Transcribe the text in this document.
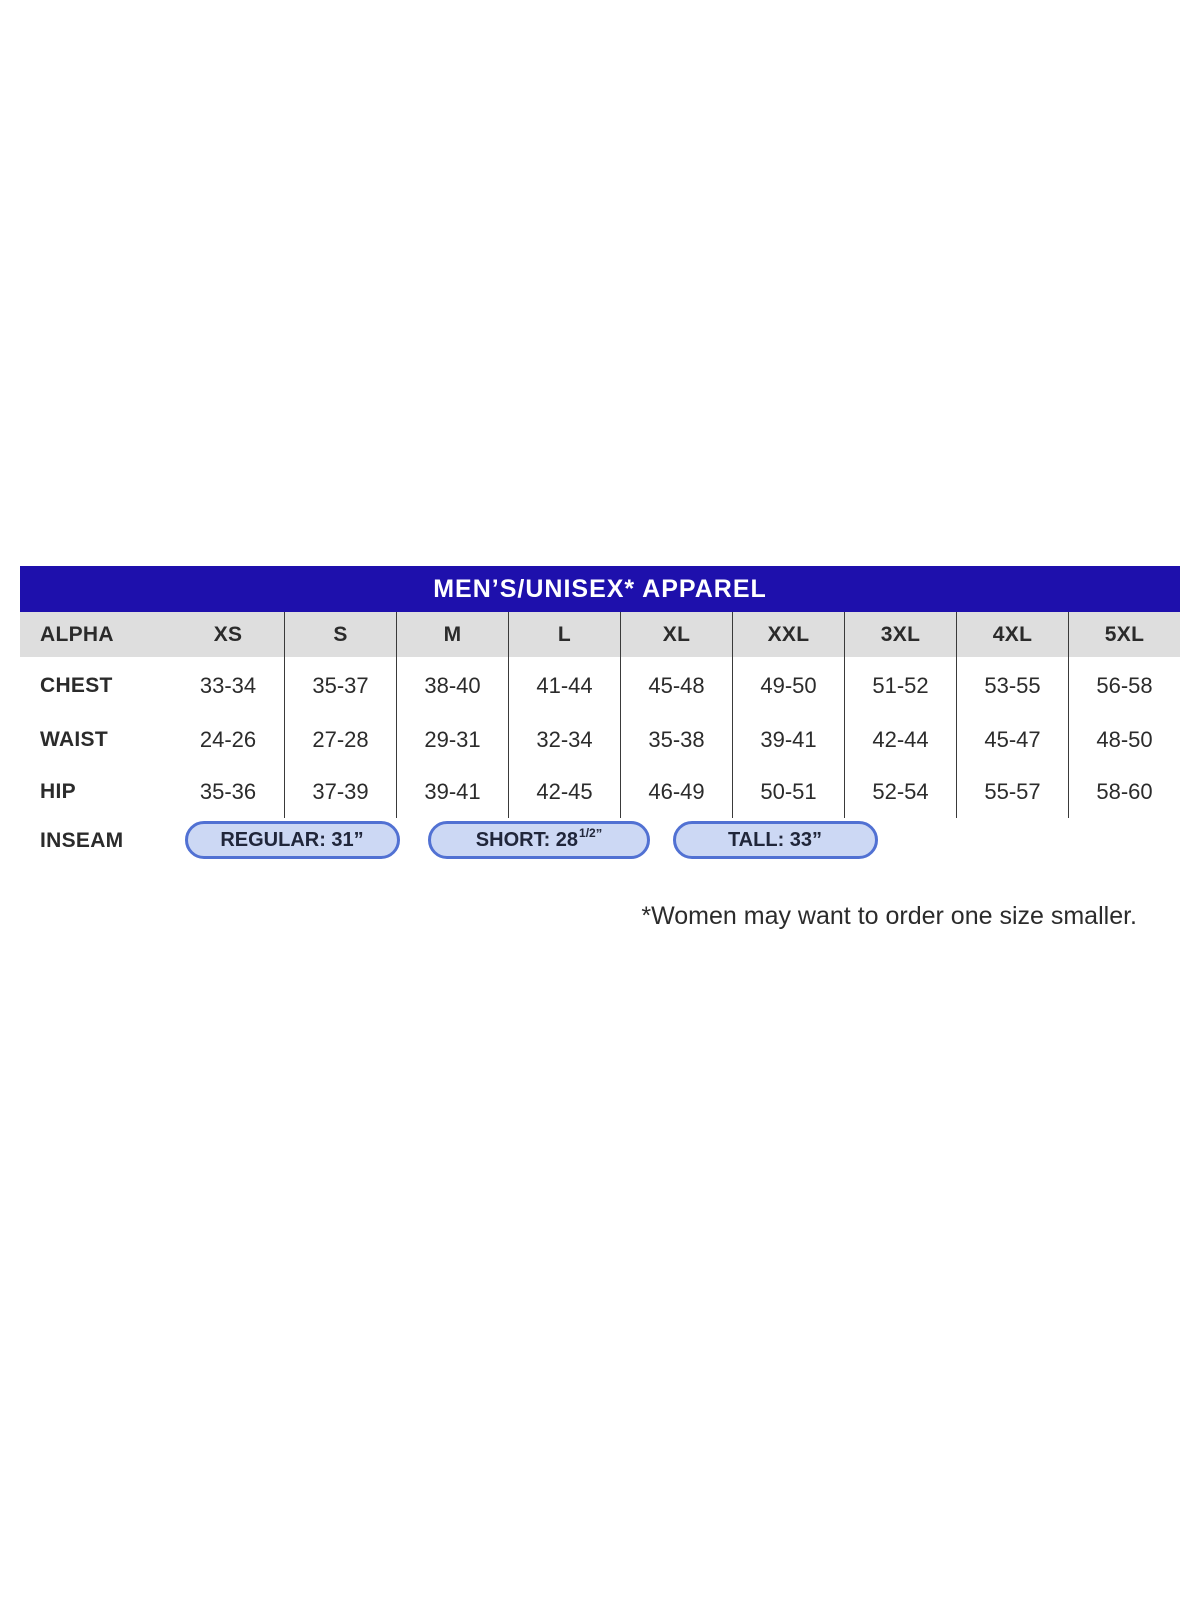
MEN’S/UNISEX* APPAREL
ALPHA	XS	S	M	L	XL	XXL	3XL	4XL	5XL
CHEST	33-34	35-37	38-40	41-44	45-48	49-50	51-52	53-55	56-58
WAIST	24-26	27-28	29-31	32-34	35-38	39-41	42-44	45-47	48-50
HIP	35-36	37-39	39-41	42-45	46-49	50-51	52-54	55-57	58-60
INSEAM	REGULAR: 31”	SHORT: 28 1/2 ”	TALL: 33”
*Women may want to order one size smaller.
